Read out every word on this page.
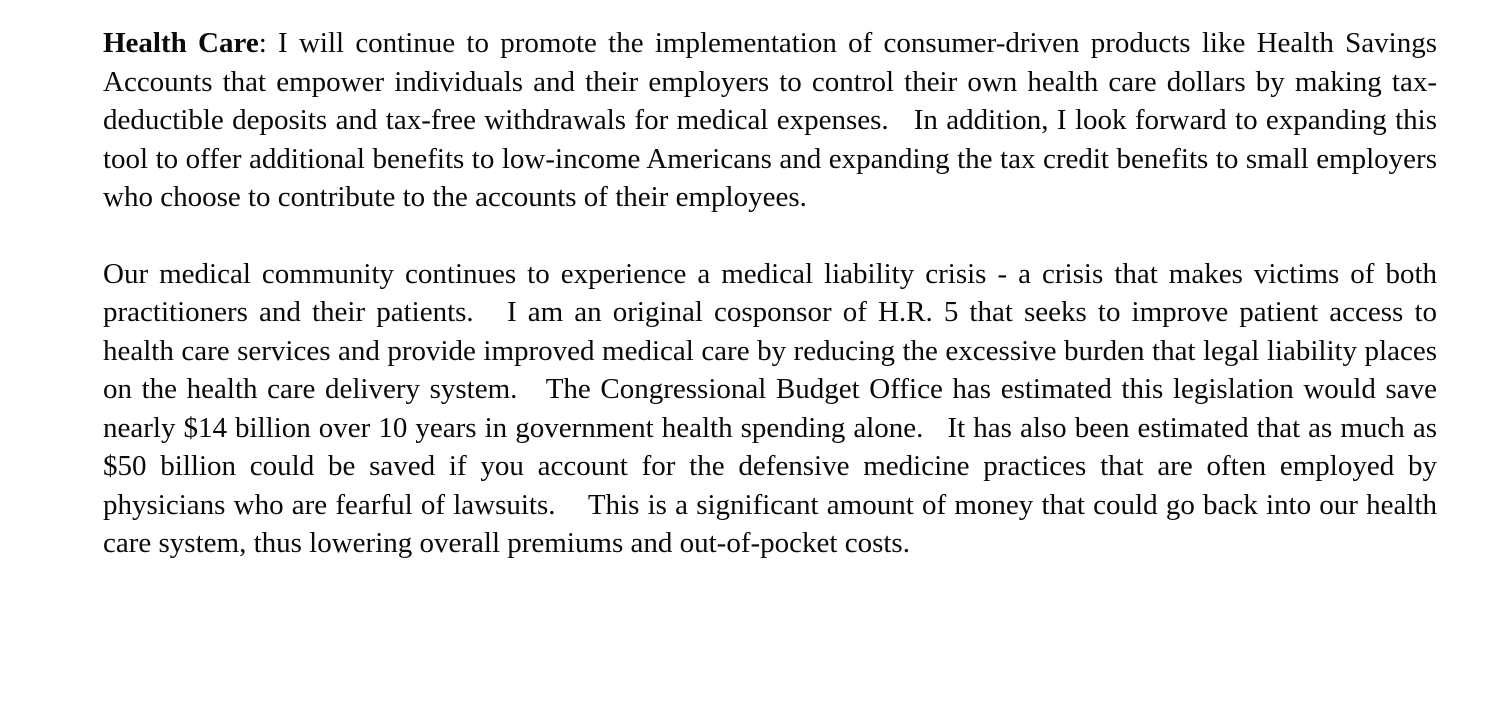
Health Care: I will continue to promote the implementation of consumer-driven products like Health Savings Accounts that empower individuals and their employers to control their own health care dollars by making tax-deductible deposits and tax-free withdrawals for medical expenses.   In addition, I look forward to expanding this tool to offer additional benefits to low-income Americans and expanding the tax credit benefits to small employers who choose to contribute to the accounts of their employees.

Our medical community continues to experience a medical liability crisis - a crisis that makes victims of both practitioners and their patients.   I am an original cosponsor of H.R. 5 that seeks to improve patient access to health care services and provide improved medical care by reducing the excessive burden that legal liability places on the health care delivery system.   The Congressional Budget Office has estimated this legislation would save nearly $14 billion over 10 years in government health spending alone.   It has also been estimated that as much as $50 billion could be saved if you account for the defensive medicine practices that are often employed by physicians who are fearful of lawsuits.    This is a significant amount of money that could go back into our health care system, thus lowering overall premiums and out-of-pocket costs.
